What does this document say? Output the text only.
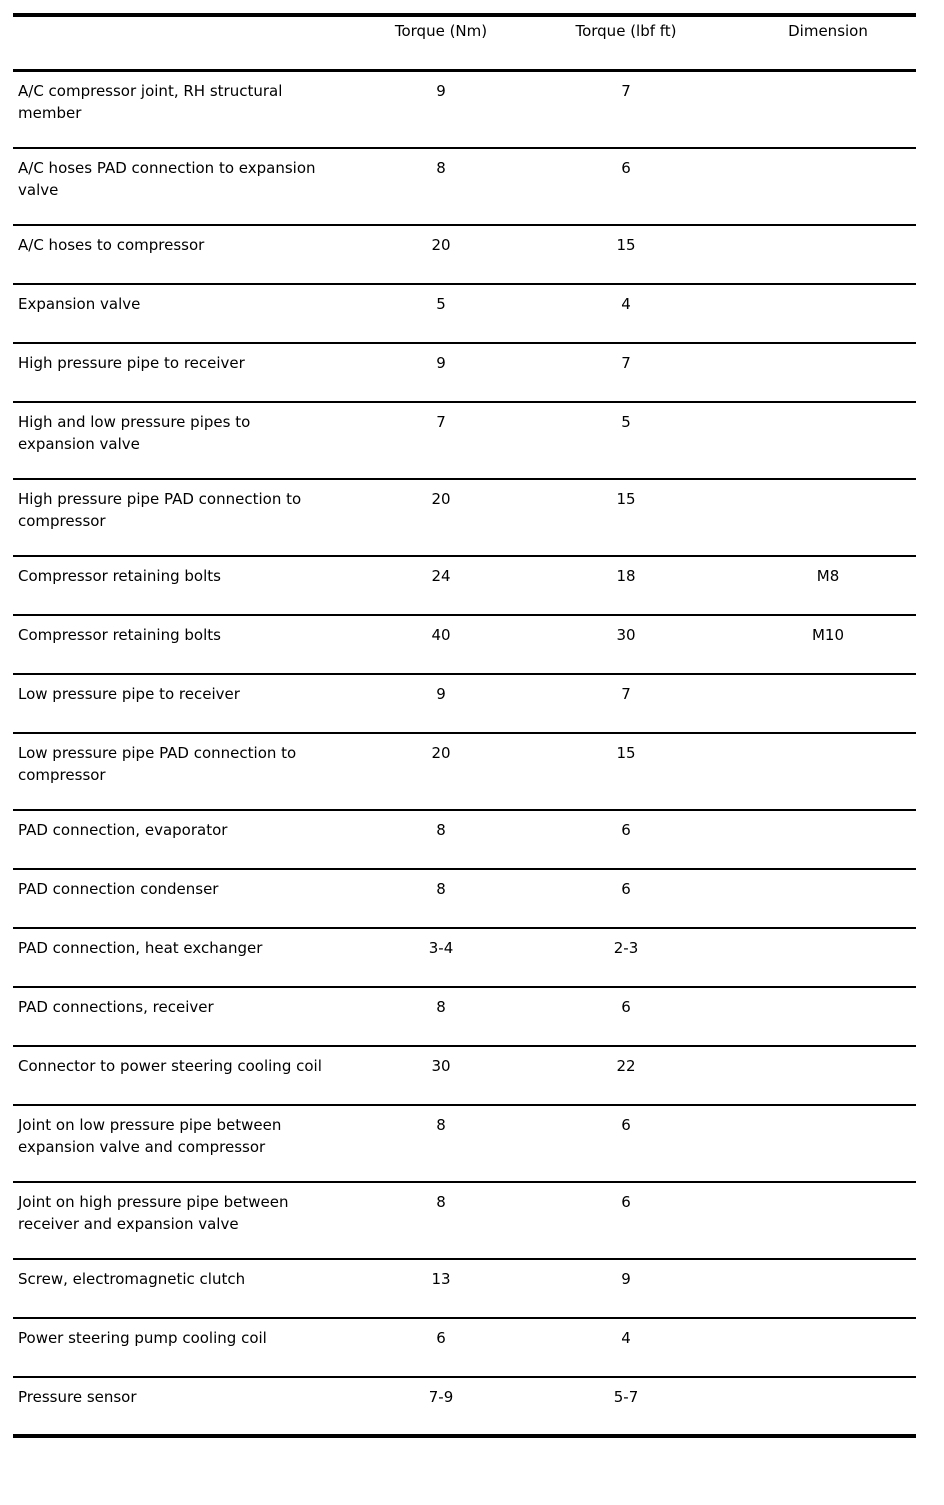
	Torque (Nm)	Torque (lbf ft)	Dimension
A/C compressor joint, RH structural member	9	7	
A/C hoses PAD connection to expansion valve	8	6	
A/C hoses to compressor	20	15	
Expansion valve	5	4	
High pressure pipe to receiver	9	7	
High and low pressure pipes to expansion valve	7	5	
High pressure pipe PAD connection to compressor	20	15	
Compressor retaining bolts	24	18	M8
Compressor retaining bolts	40	30	M10
Low pressure pipe to receiver	9	7	
Low pressure pipe PAD connection to compressor	20	15	
PAD connection, evaporator	8	6	
PAD connection condenser	8	6	
PAD connection, heat exchanger	3-4	2-3	
PAD connections, receiver	8	6	
Connector to power steering cooling coil	30	22	
Joint on low pressure pipe between expansion valve and compressor	8	6	
Joint on high pressure pipe between receiver and expansion valve	8	6	
Screw, electromagnetic clutch	13	9	
Power steering pump cooling coil	6	4	
Pressure sensor	7-9	5-7	
